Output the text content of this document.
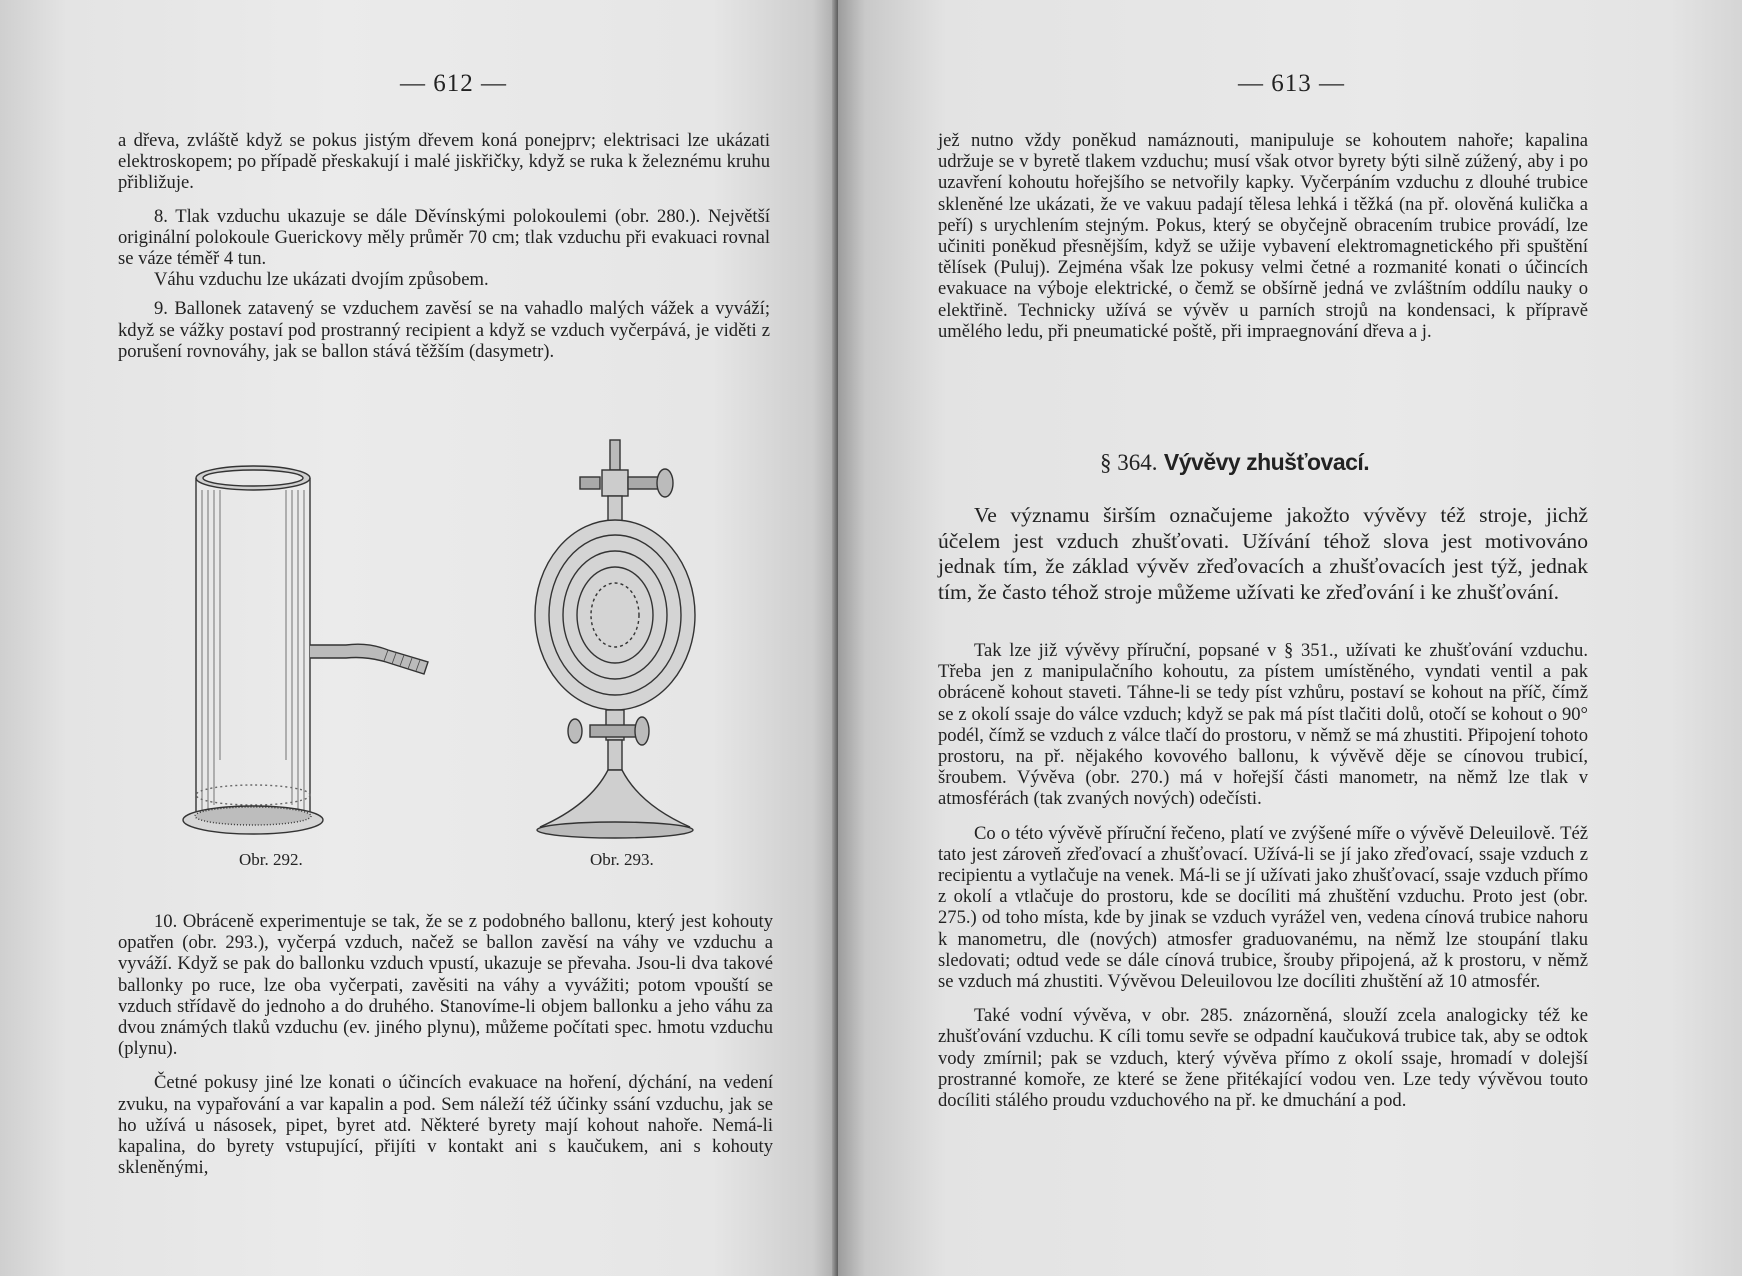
— 612 —

a dřeva, zvláště když se pokus jistým dřevem koná ponejprv; elektrisaci lze ukázati elektroskopem; po případě přeskakují i malé jiskřičky, když se ruka k železnému kruhu přibližuje.

8. Tlak vzduchu ukazuje se dále Děvínskými polokoulemi (obr. 280.). Největší originální polokoule Guerickovy měly průměr 70 cm; tlak vzduchu při evakuaci rovnal se váze téměř 4 tun.

Váhu vzduchu lze ukázati dvojím způsobem.

9. Ballonek zatavený se vzduchem zavěsí se na vahadlo malých vážek a vyváží; když se vážky postaví pod prostranný recipient a když se vzduch vyčerpává, je viděti z porušení rovnováhy, jak se ballon stává těžším (dasymetr).

Obr. 292.	Obr. 293.

10. Obráceně experimentuje se tak, že se z podobného ballonu, který jest kohouty opatřen (obr. 293.), vyčerpá vzduch, načež se ballon zavěsí na váhy ve vzduchu a vyváží. Když se pak do ballonku vzduch vpustí, ukazuje se převaha. Jsou-li dva takové ballonky po ruce, lze oba vyčerpati, zavěsiti na váhy a vyvážiti; potom vpouští se vzduch střídavě do jednoho a do druhého. Stanovíme-li objem ballonku a jeho váhu za dvou známých tlaků vzduchu (ev. jiného plynu), můžeme počítati spec. hmotu vzduchu (plynu).

Četné pokusy jiné lze konati o účincích evakuace na hoření, dýchání, na vedení zvuku, na vypařování a var kapalin a pod. Sem náleží též účinky ssání vzduchu, jak se ho užívá u násosek, pipet, byret atd. Některé byrety mají kohout nahoře. Nemá-li kapalina, do byrety vstupující, přijíti v kontakt ani s kaučukem, ani s kohouty skleněnými,

— 613 —

jež nutno vždy poněkud namáznouti, manipuluje se kohoutem nahoře; kapalina udržuje se v byretě tlakem vzduchu; musí však otvor byrety býti silně zúžený, aby i po uzavření kohoutu hořejšího se netvořily kapky. Vyčerpáním vzduchu z dlouhé trubice skleněné lze ukázati, že ve vakuu padají tělesa lehká i těžká (na př. olověná kulička a peří) s urychlením stejným. Pokus, který se obyčejně obracením trubice provádí, lze učiniti poněkud přesnějším, když se užije vybavení elektromagnetického při spuštění tělísek (Puluj). Zejména však lze pokusy velmi četné a rozmanité konati o účincích evakuace na výboje elektrické, o čemž se obšírně jedná ve zvláštním oddílu nauky o elektřině. Technicky užívá se vývěv u parních strojů na kondensaci, k přípravě umělého ledu, při pneumatické poště, při impraegnování dřeva a j.

§ 364. Vývěvy zhušťovací.

Ve významu širším označujeme jakožto vývěvy též stroje, jichž účelem jest vzduch zhušťovati. Užívání téhož slova jest motivováno jednak tím, že základ vývěv zřeďovacích a zhušťovacích jest týž, jednak tím, že často téhož stroje můžeme užívati ke zřeďování i ke zhušťování.

Tak lze již vývěvy příruční, popsané v § 351., užívati ke zhušťování vzduchu. Třeba jen z manipulačního kohoutu, za pístem umístěného, vyndati ventil a pak obráceně kohout staveti. Táhne-li se tedy píst vzhůru, postaví se kohout na příč, čímž se z okolí ssaje do válce vzduch; když se pak má píst tlačiti dolů, otočí se kohout o 90° podél, čímž se vzduch z válce tlačí do prostoru, v němž se má zhustiti. Připojení tohoto prostoru, na př. nějakého kovového ballonu, k vývěvě děje se cínovou trubicí, šroubem. Vývěva (obr. 270.) má v hořejší části manometr, na němž lze tlak v atmosférách (tak zvaných nových) odečísti.

Co o této vývěvě příruční řečeno, platí ve zvýšené míře o vývěvě Deleuilově. Též tato jest zároveň zřeďovací a zhušťovací. Užívá-li se jí jako zřeďovací, ssaje vzduch z recipientu a vytlačuje na venek. Má-li se jí užívati jako zhušťovací, ssaje vzduch přímo z okolí a vtlačuje do prostoru, kde se docíliti má zhuštění vzduchu. Proto jest (obr. 275.) od toho místa, kde by jinak se vzduch vyrážel ven, vedena cínová trubice nahoru k manometru, dle (nových) atmosfer graduovanému, na němž lze stoupání tlaku sledovati; odtud vede se dále cínová trubice, šrouby připojená, až k prostoru, v němž se vzduch má zhustiti. Vývěvou Deleuilovou lze docíliti zhuštění až 10 atmosfér.

Také vodní vývěva, v obr. 285. znázorněná, slouží zcela analogicky též ke zhušťování vzduchu. K cíli tomu sevře se odpadní kaučuková trubice tak, aby se odtok vody zmírnil; pak se vzduch, který vývěva přímo z okolí ssaje, hromadí v dolejší prostranné komoře, ze které se žene přitékající vodou ven. Lze tedy vývěvou touto docíliti stálého proudu vzduchového na př. ke dmuchání a pod.
